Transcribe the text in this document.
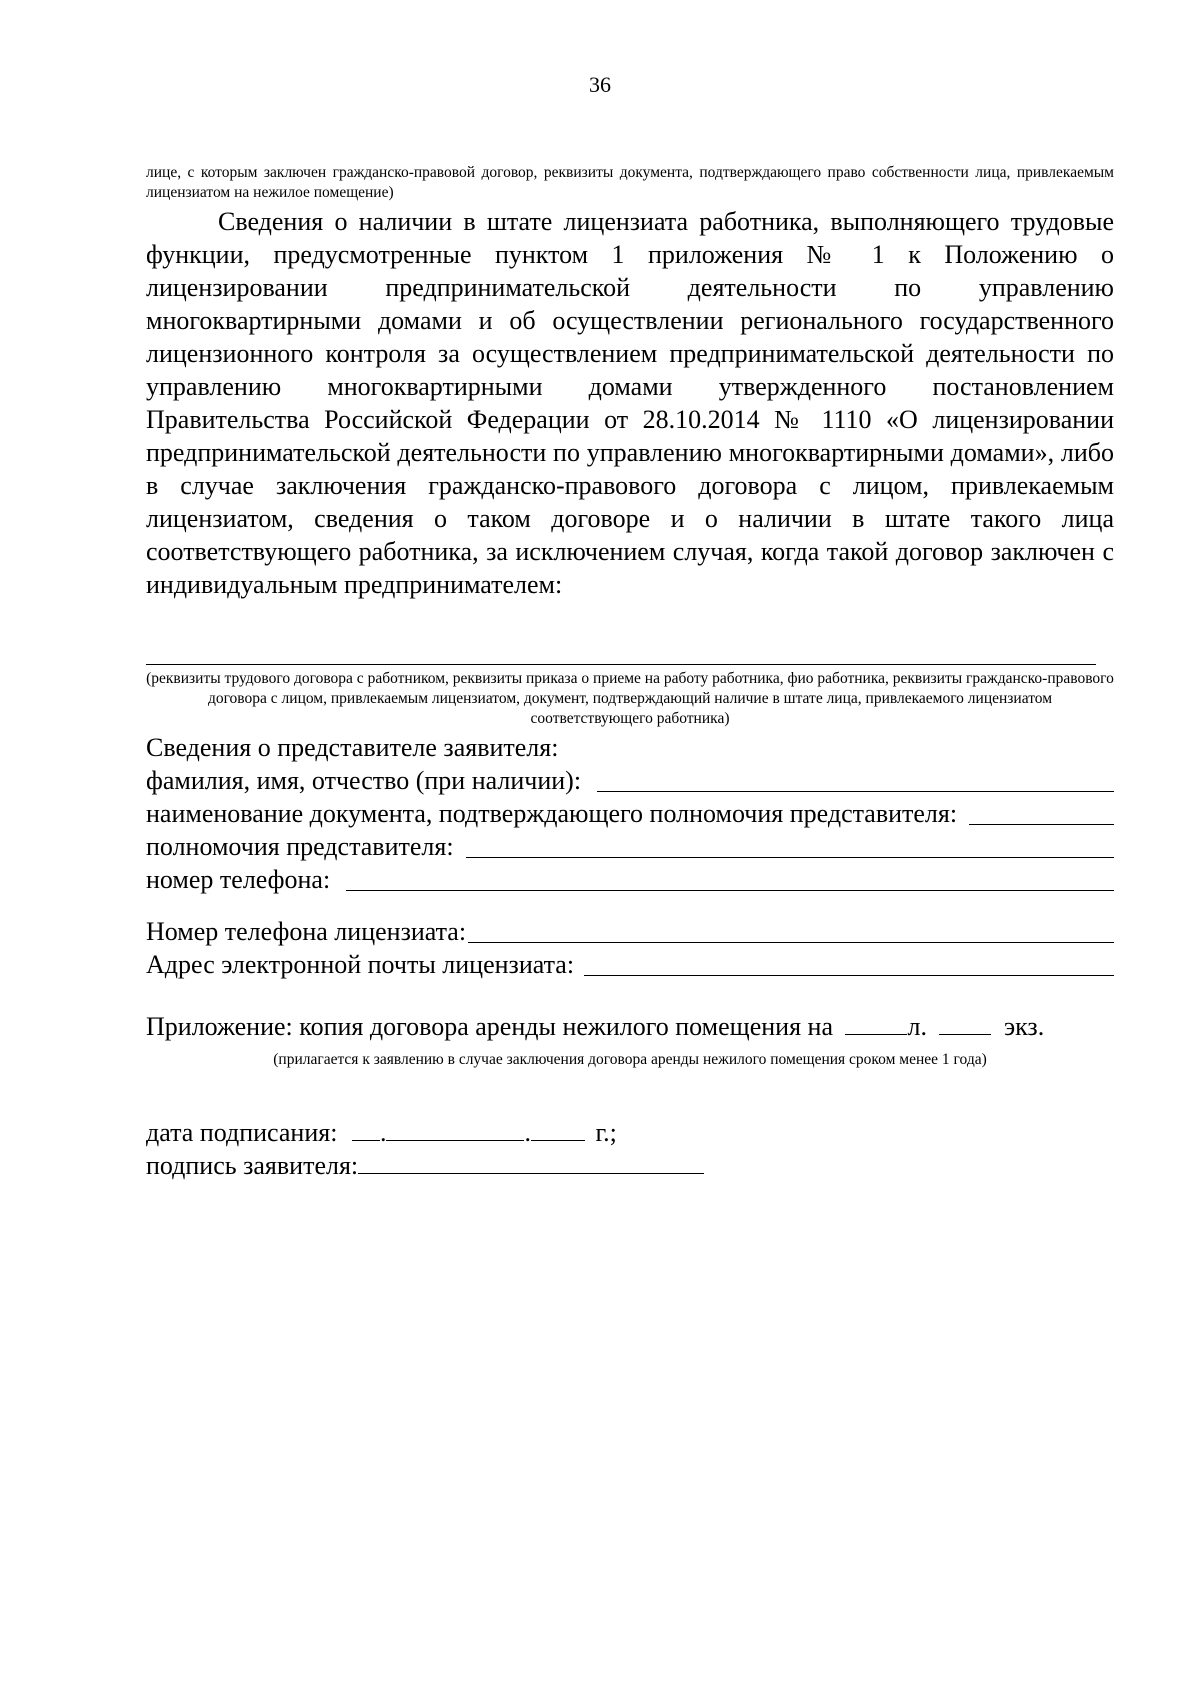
36
лице, с которым заключен гражданско-правовой договор, реквизиты документа, подтверждающего право собственности лица, привлекаемым лицензиатом на нежилое помещение)

Сведения о наличии в штате лицензиата работника, выполняющего трудовые функции, предусмотренные пунктом 1 приложения № 1 к Положению о лицензировании предпринимательской деятельности по управлению многоквартирными домами и об осуществлении регионального государственного лицензионного контроля за осуществлением предпринимательской деятельности по управлению многоквартирными домами утвержденного постановлением Правительства Российской Федерации от 28.10.2014 № 1110 «О лицензировании предпринимательской деятельности по управлению многоквартирными домами», либо в случае заключения гражданско-правового договора с лицом, привлекаемым лицензиатом, сведения о таком договоре и о наличии в штате такого лица соответствующего работника, за исключением случая, когда такой договор заключен с индивидуальным предпринимателем:

(реквизиты трудового договора с работником, реквизиты приказа о приеме на работу работника, фио работника, реквизиты гражданско-правового договора с лицом, привлекаемым лицензиатом, документ, подтверждающий наличие в штате лица, привлекаемого лицензиатом соответствующего работника)
Сведения о представителе заявителя:
фамилия, имя, отчество (при наличии):
наименование документа, подтверждающего полномочия представителя:
полномочия представителя:
номер телефона:
Номер телефона лицензиата:
Адрес электронной почты лицензиата:
Приложение: копия договора аренды нежилого помещения на	л.	экз.
(прилагается к заявлению в случае заключения договора аренды нежилого помещения сроком менее 1 года)
дата подписания: .	. г.;
подпись заявителя:
